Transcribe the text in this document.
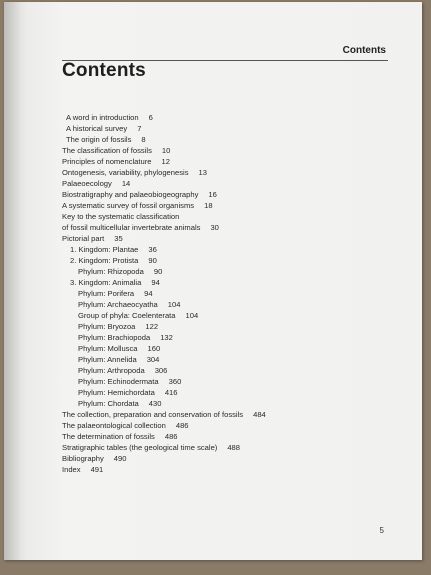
Contents
Contents
A word in introduction 6
A historical survey 7
The origin of fossils 8
The classification of fossils 10
Principles of nomenclature 12
Ontogenesis, variability, phylogenesis 13
Palaeoecology 14
Biostratigraphy and palaeobiogeography 16
A systematic survey of fossil organisms 18
Key to the systematic classification
of fossil multicellular invertebrate animals 30
Pictorial part 35
1. Kingdom: Plantae 36
2. Kingdom: Protista 90
Phylum: Rhizopoda 90
3. Kingdom: Animalia 94
Phylum: Porifera 94
Phylum: Archaeocyatha 104
Group of phyla: Coelenterata 104
Phylum: Bryozoa 122
Phylum: Brachiopoda 132
Phylum: Mollusca 160
Phylum: Annelida 304
Phylum: Arthropoda 306
Phylum: Echinodermata 360
Phylum: Hemichordata 416
Phylum: Chordata 430
The collection, preparation and conservation of fossils 484
The palaeontological collection 486
The determination of fossils 486
Stratigraphic tables (the geological time scale) 488
Bibliography 490
Index 491
5
